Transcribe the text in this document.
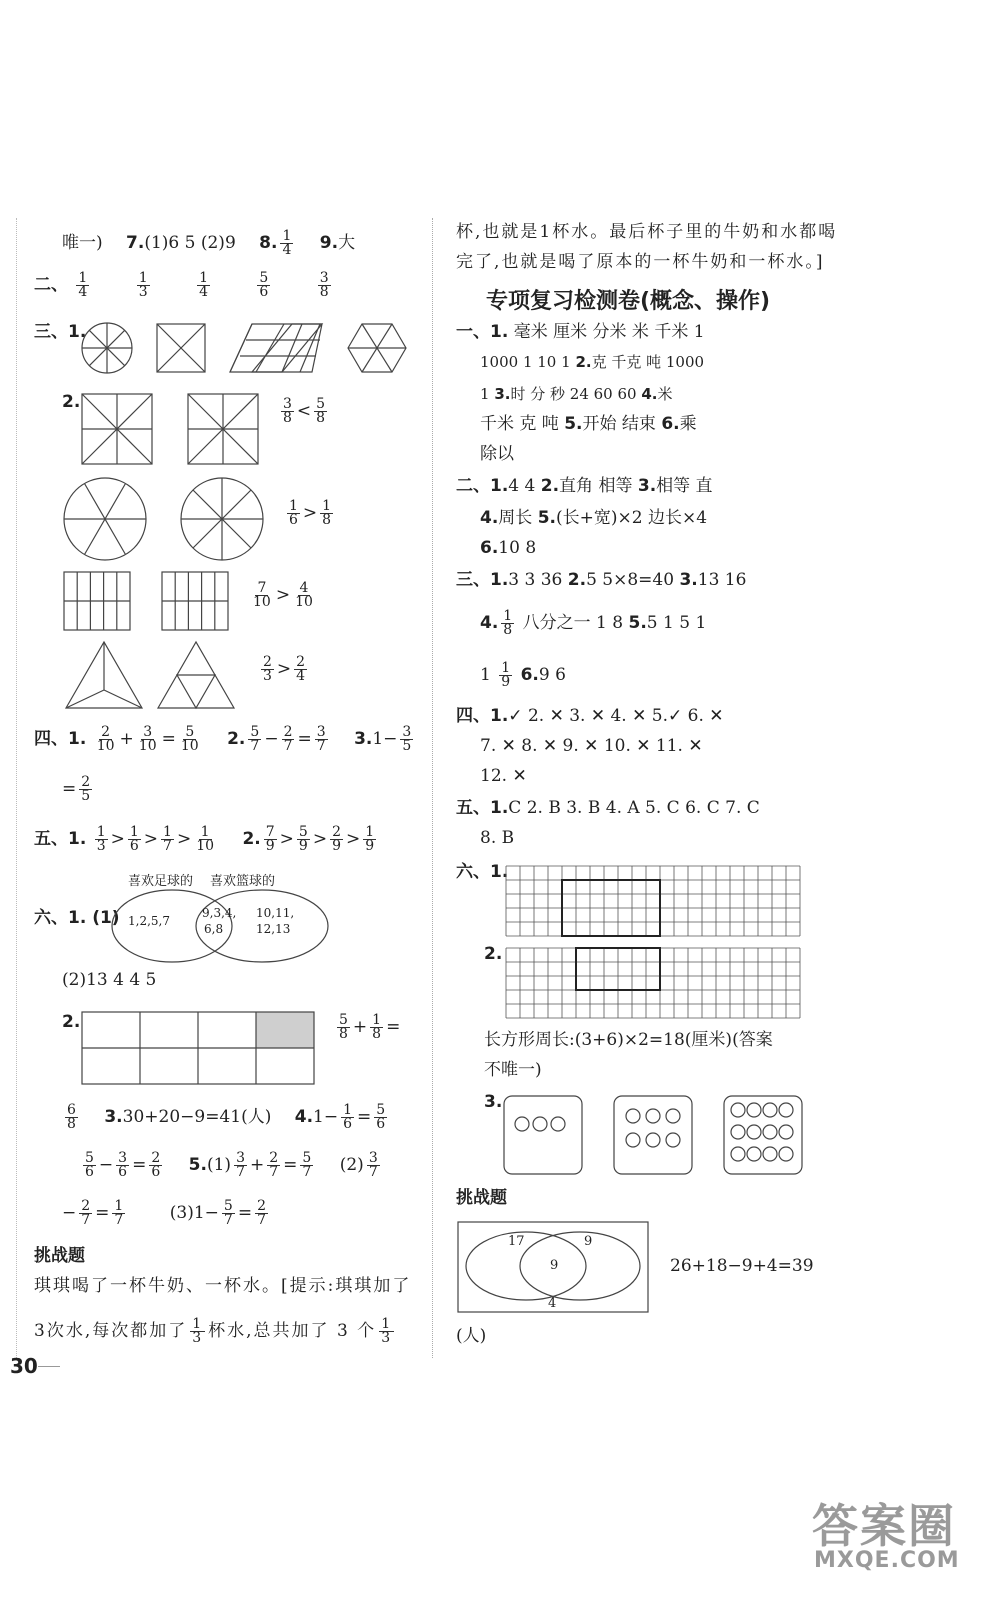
唯一) 7.(1)6 5 (2)9 8. $\frac{1}{4} 9$.大
二、 $\frac{1}{4}$
	$\frac{1}{3}$
	$\frac{1}{4}$
	$\frac{5}{6}$
	$\frac{3}{8}$
三、1.
2.	$\frac{3}{8} < \frac{5}{8}$
$\frac{1}{6} > \frac{1}{8}$
$\frac{7}{10} > \frac{4}{10}$
$\frac{2}{3} > \frac{2}{4}$
四、1. $\frac{2}{10} + \frac{3}{10} = \frac{5}{10} 2$. $\frac{5}{7} - \frac{2}{7} = \frac{3}{7} 3.1- \frac{3}{5}$
= $\frac{2}{5}$
五、1. $\frac{1}{3} > \frac{1}{6} > \frac{1}{7} > \frac{1}{10} 2$. $\frac{7}{9} > \frac{5}{9} > \frac{2}{9} > \frac{1}{9}$
喜欢足球的 喜欢篮球的
六、1. (1) 1,2,5,7
9,3,4,
6,8
10,11,
12,13
(2)13 4 4 5
2.	$\frac{5}{8} + \frac{1}{8}$ =
$\frac{6}{8} 3.30+20-9=41$(人) $4.1- \frac{1}{6} = \frac{5}{6}$
$\frac{5}{6} - \frac{3}{6} = \frac{2}{6} 5.(1) \frac{3}{7} + \frac{2}{7} = \frac{5}{7} (2) \frac{3}{7}$
− $\frac{2}{7} = \frac{1}{7}$	$(3)1- \frac{5}{7} = \frac{2}{7}$
挑战题
琪琪喝了一杯牛奶、一杯水。[提示:琪琪加了
3次水,每次都加了 $\frac{1}{3}$ 杯水,总共加了 3 个 $\frac{1}{3}$
30
杯,也就是1杯水。最后杯子里的牛奶和水都喝
完了,也就是喝了原本的一杯牛奶和一杯水。]
专项复习检测卷(概念、操作)
一、1. 毫米 厘米 分米 米 千米 1
1000 1 10 1 2.克 千克 吨 1000
1 3.时 分 秒 24 60 60 4.米
千米 克 吨 5.开始 结束 6.乘
除以
二、1.4 4 2.直角 相等 3.相等 直
4.周长 5.(长+宽)×2 边长×4
6.10 8
三、1.3 3 36 2.5 5×8=40 3.13 16
4. $\frac{1}{8}$ 八分之一 1 8 5.5 1 5 1
$1 \frac{1}{9} 6.9$ 6
四、1.✓ 2. ✕ 3. ✕ 4. ✕ 5.✓ 6. ✕
7. ✕ 8. ✕ 9. ✕ 10. ✕ 11. ✕
12. ✕
五、1.C 2. B 3. B 4. A 5. C 6. C 7. C
8. B
六、1.
2.
长方形周长:(3+6)×2=18(厘米)(答案
不唯一)
3.
挑战题
17	9
9
4
26+18−9+4=39
(人)
答案圈
MXQE.COM
